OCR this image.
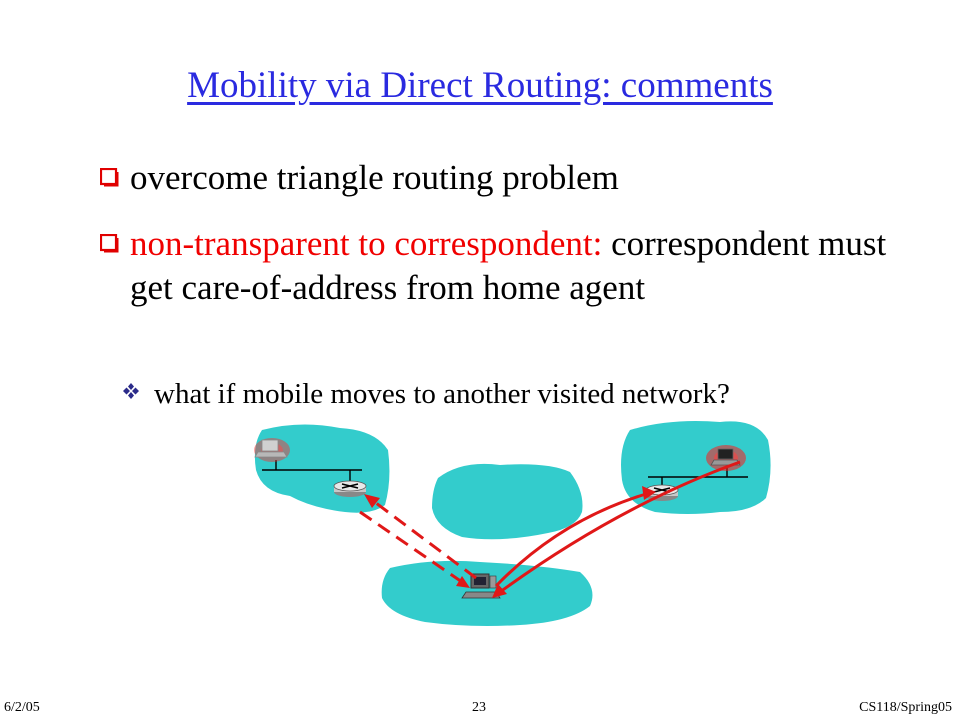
Mobility via Direct Routing: comments
overcome triangle routing problem
non-transparent to correspondent: correspondent must get care-of-address from home agent
what if mobile moves to another visited network?
6/2/05	23	CS118/Spring05
